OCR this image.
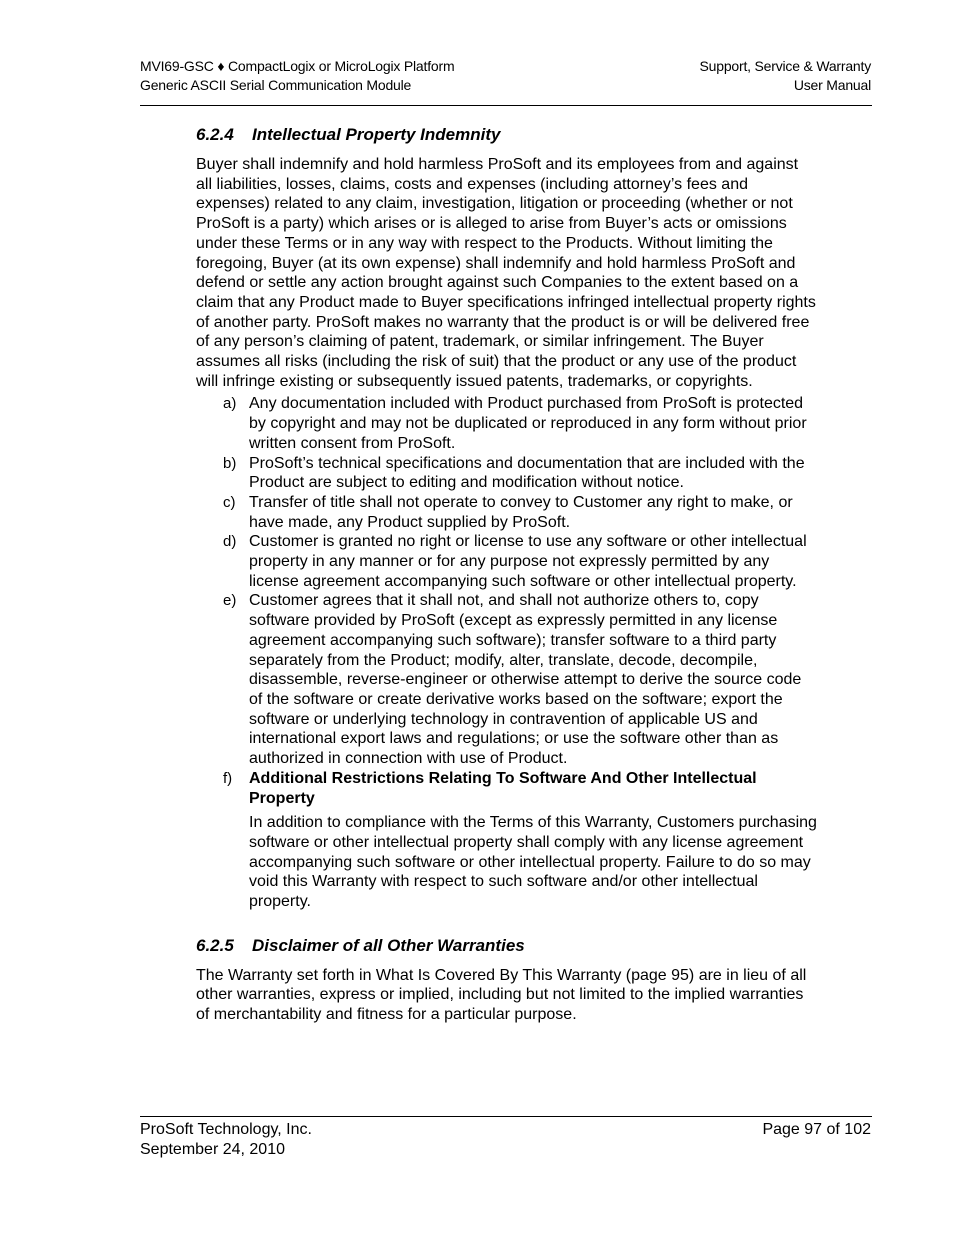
MVI69-GSC ♦ CompactLogix or MicroLogix Platform	Support, Service & Warranty
Generic ASCII Serial Communication Module	User Manual
6.2.4 Intellectual Property Indemnity

Buyer shall indemnify and hold harmless ProSoft and its employees from and against all liabilities, losses, claims, costs and expenses (including attorney’s fees and expenses) related to any claim, investigation, litigation or proceeding (whether or not ProSoft is a party) which arises or is alleged to arise from Buyer’s acts or omissions under these Terms or in any way with respect to the Products. Without limiting the foregoing, Buyer (at its own expense) shall indemnify and hold harmless ProSoft and defend or settle any action brought against such Companies to the extent based on a claim that any Product made to Buyer specifications infringed intellectual property rights of another party. ProSoft makes no warranty that the product is or will be delivered free of any person’s claiming of patent, trademark, or similar infringement. The Buyer assumes all risks (including the risk of suit) that the product or any use of the product will infringe existing or subsequently issued patents, trademarks, or copyrights.

a) Any documentation included with Product purchased from ProSoft is protected by copyright and may not be duplicated or reproduced in any form without prior written consent from ProSoft.
b) ProSoft’s technical specifications and documentation that are included with the Product are subject to editing and modification without notice.
c) Transfer of title shall not operate to convey to Customer any right to make, or have made, any Product supplied by ProSoft.
d) Customer is granted no right or license to use any software or other intellectual property in any manner or for any purpose not expressly permitted by any license agreement accompanying such software or other intellectual property.
e) Customer agrees that it shall not, and shall not authorize others to, copy software provided by ProSoft (except as expressly permitted in any license agreement accompanying such software); transfer software to a third party separately from the Product; modify, alter, translate, decode, decompile, disassemble, reverse-engineer or otherwise attempt to derive the source code of the software or create derivative works based on the software; export the software or underlying technology in contravention of applicable US and international export laws and regulations; or use the software other than as authorized in connection with use of Product.
f) Additional Restrictions Relating To Software And Other Intellectual Property

In addition to compliance with the Terms of this Warranty, Customers purchasing software or other intellectual property shall comply with any license agreement accompanying such software or other intellectual property. Failure to do so may void this Warranty with respect to such software and/or other intellectual property.

6.2.5 Disclaimer of all Other Warranties

The Warranty set forth in What Is Covered By This Warranty (page 95) are in lieu of all other warranties, express or implied, including but not limited to the implied warranties of merchantability and fitness for a particular purpose.

ProSoft Technology, Inc.	Page 97 of 102
September 24, 2010
